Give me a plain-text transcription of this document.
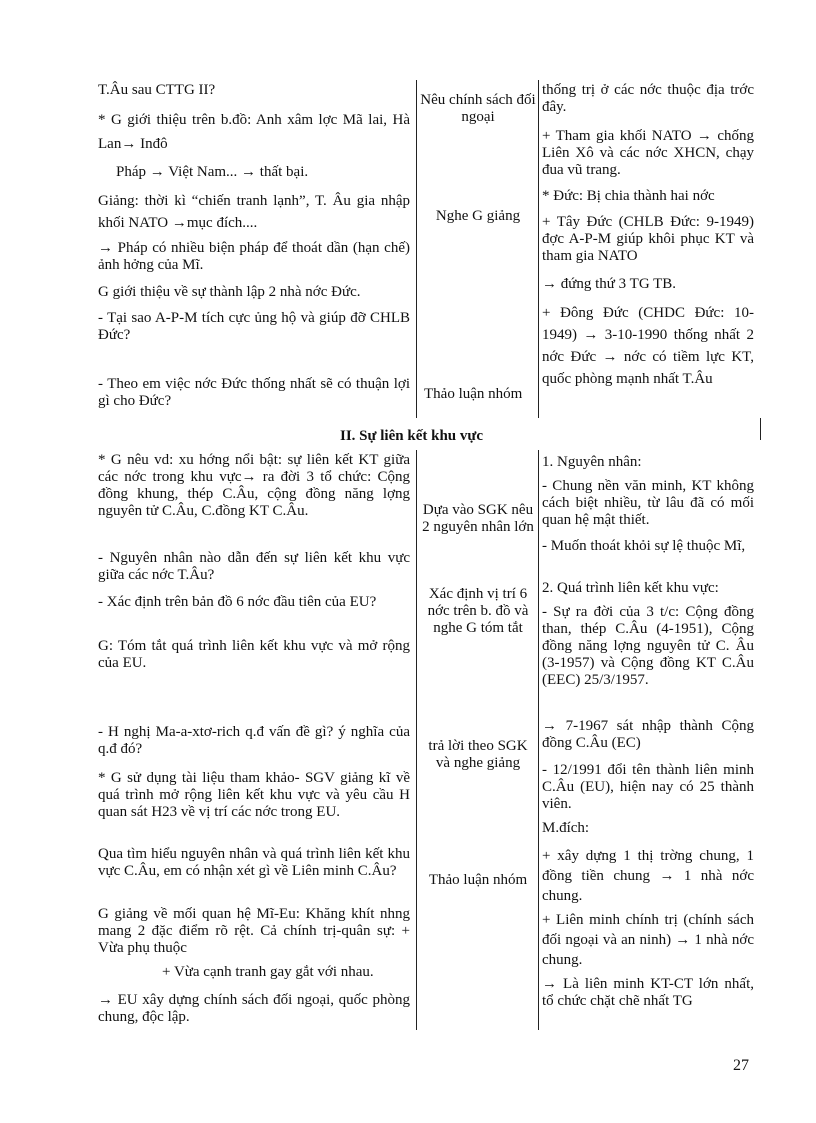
T.Âu sau CTTG II?
* G giới thiệu trên b.đồ: Anh xâm lợc Mã lai, Hà Lan→ Inđô
Pháp → Việt Nam... → thất bại.
Giảng: thời kì “chiến tranh lạnh”, T. Âu gia nhập khối NATO →mục đích....
→ Pháp có nhiều biện pháp để thoát dần (hạn chế) ảnh hởng của Mĩ.
G giới thiệu về sự thành lập 2 nhà nớc Đức.
- Tại sao A-P-M tích cực ủng hộ và giúp đỡ CHLB Đức?
- Theo em việc nớc Đức thống nhất sẽ có thuận lợi gì cho Đức?
Nêu chính sách đối ngoại
Nghe G giảng
Thảo luận nhóm
thống trị ở các nớc thuộc địa trớc đây.
+ Tham gia khối NATO → chống Liên Xô và các nớc XHCN, chạy đua vũ trang.
* Đức: Bị chia thành hai nớc
+ Tây Đức (CHLB Đức: 9-1949) đợc A-P-M giúp khôi phục KT và tham gia NATO
→ đứng thứ 3 TG TB.
+ Đông Đức (CHDC Đức: 10-1949) → 3-10-1990 thống nhất 2 nớc Đức → nớc có tiềm lực KT, quốc phòng mạnh nhất T.Âu
II. Sự liên kết khu vực
* G nêu vd: xu hớng nổi bật: sự liên kết KT giữa các nớc trong khu vực→ ra đời 3 tổ chức: Cộng đồng khung, thép C.Âu, cộng đồng năng lợng nguyên tử C.Âu, C.đồng KT C.Âu.
- Nguyên nhân nào dẫn đến sự liên kết khu vực giữa các nớc T.Âu?
- Xác định trên bản đồ 6 nớc đầu tiên của EU?
G: Tóm tắt quá trình liên kết khu vực và mở rộng của EU.
- H nghị Ma-a-xtơ-rich q.đ vấn đề gì? ý nghĩa của q.đ đó?
* G sử dụng tài liệu tham khảo- SGV giảng kĩ về quá trình mở rộng liên kết khu vực và yêu cầu H quan sát H23 về vị trí các nớc trong EU.
Qua tìm hiểu nguyên nhân và quá trình liên kết khu vực C.Âu, em có nhận xét gì về Liên minh C.Âu?
G giảng về mối quan hệ Mĩ-Eu: Khăng khít nhng mang 2 đặc điểm rõ rệt. Cả chính trị-quân sự: + Vừa phụ thuộc
+ Vừa cạnh tranh gay gắt với nhau.
→ EU xây dựng chính sách đối ngoại, quốc phòng chung, độc lập.
Dựa vào SGK nêu 2 nguyên nhân lớn
Xác định vị trí 6 nớc trên b. đồ và nghe G tóm tắt
trả lời theo SGK và nghe giảng
Thảo luận nhóm
1. Nguyên nhân:
- Chung nền văn minh, KT không cách biệt nhiều, từ lâu đã có mối quan hệ mật thiết.
- Muốn thoát khỏi sự lệ thuộc Mĩ,
2. Quá trình liên kết khu vực:
- Sự ra đời của 3 t/c: Cộng đồng than, thép C.Âu (4-1951), Cộng đồng năng lợng nguyên tử C. Âu (3-1957) và Cộng đồng KT C.Âu (EEC) 25/3/1957.
→ 7-1967 sát nhập thành Cộng đồng C.Âu (EC)
- 12/1991 đổi tên thành liên minh C.Âu (EU), hiện nay có 25 thành viên.
M.đích:
+ xây dựng 1 thị trờng chung, 1 đồng tiền chung → 1 nhà nớc chung.
+ Liên minh chính trị (chính sách đối ngoại và an ninh) → 1 nhà nớc chung.
→ Là liên minh KT-CT lớn nhất, tổ chức chặt chẽ nhất TG
27
